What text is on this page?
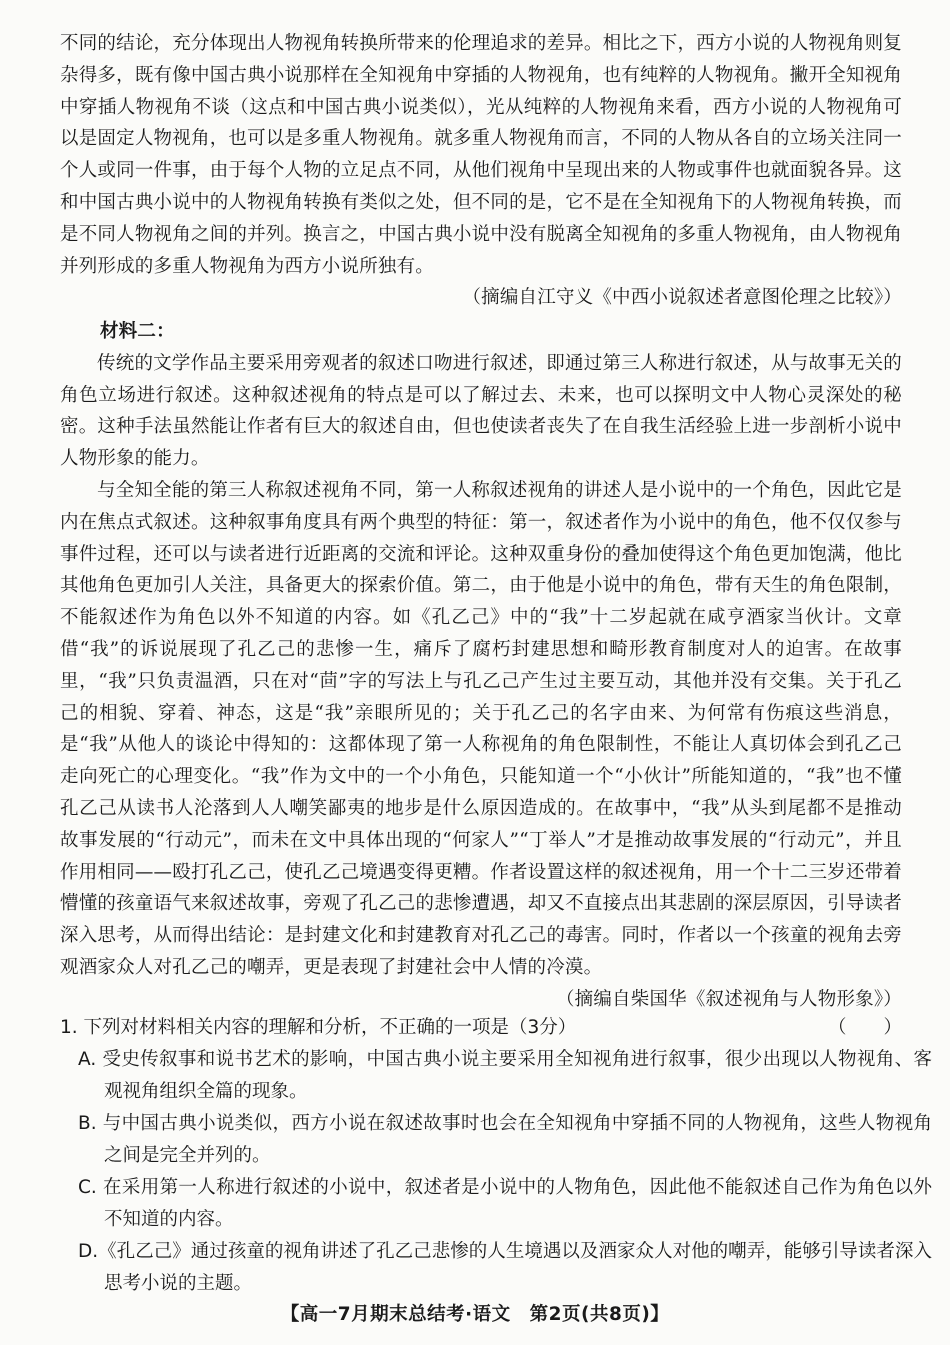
不同的结论，充分体现出人物视角转换所带来的伦理追求的差异。相比之下，西方小说的人物视角则复杂得多，既有像中国古典小说那样在全知视角中穿插的人物视角，也有纯粹的人物视角。撇开全知视角中穿插人物视角不谈（这点和中国古典小说类似），光从纯粹的人物视角来看，西方小说的人物视角可以是固定人物视角，也可以是多重人物视角。就多重人物视角而言，不同的人物从各自的立场关注同一个人或同一件事，由于每个人物的立足点不同，从他们视角中呈现出来的人物或事件也就面貌各异。这和中国古典小说中的人物视角转换有类似之处，但不同的是，它不是在全知视角下的人物视角转换，而是不同人物视角之间的并列。换言之，中国古典小说中没有脱离全知视角的多重人物视角，由人物视角并列形成的多重人物视角为西方小说所独有。

（摘编自江守义《中西小说叙述者意图伦理之比较》）

材料二：

传统的文学作品主要采用旁观者的叙述口吻进行叙述，即通过第三人称进行叙述，从与故事无关的角色立场进行叙述。这种叙述视角的特点是可以了解过去、未来，也可以探明文中人物心灵深处的秘密。这种手法虽然能让作者有巨大的叙述自由，但也使读者丧失了在自我生活经验上进一步剖析小说中人物形象的能力。

与全知全能的第三人称叙述视角不同，第一人称叙述视角的讲述人是小说中的一个角色，因此它是内在焦点式叙述。这种叙事角度具有两个典型的特征：第一，叙述者作为小说中的角色，他不仅仅参与事件过程，还可以与读者进行近距离的交流和评论。这种双重身份的叠加使得这个角色更加饱满，他比其他角色更加引人关注，具备更大的探索价值。第二，由于他是小说中的角色，带有天生的角色限制，不能叙述作为角色以外不知道的内容。如《孔乙己》中的“我”十二岁起就在咸亨酒家当伙计。文章借“我”的诉说展现了孔乙己的悲惨一生，痛斥了腐朽封建思想和畸形教育制度对人的迫害。在故事里，“我”只负责温酒，只在对“茴”字的写法上与孔乙己产生过主要互动，其他并没有交集。关于孔乙己的相貌、穿着、神态，这是“我”亲眼所见的；关于孔乙己的名字由来、为何常有伤痕这些消息，是“我”从他人的谈论中得知的：这都体现了第一人称视角的角色限制性，不能让人真切体会到孔乙己走向死亡的心理变化。“我”作为文中的一个小角色，只能知道一个“小伙计”所能知道的，“我”也不懂孔乙己从读书人沦落到人人嘲笑鄙夷的地步是什么原因造成的。在故事中，“我”从头到尾都不是推动故事发展的“行动元”，而未在文中具体出现的“何家人”“丁举人”才是推动故事发展的“行动元”，并且作用相同——殴打孔乙己，使孔乙己境遇变得更糟。作者设置这样的叙述视角，用一个十二三岁还带着懵懂的孩童语气来叙述故事，旁观了孔乙己的悲惨遭遇，却又不直接点出其悲剧的深层原因，引导读者深入思考，从而得出结论：是封建文化和封建教育对孔乙己的毒害。同时，作者以一个孩童的视角去旁观酒家众人对孔乙己的嘲弄，更是表现了封建社会中人情的冷漠。

（摘编自柴国华《叙述视角与人物形象》）

1. 下列对材料相关内容的理解和分析，不正确的一项是（3分）	（　　）
A. 受史传叙事和说书艺术的影响，中国古典小说主要采用全知视角进行叙事，很少出现以人物视角、客观视角组织全篇的现象。
B. 与中国古典小说类似，西方小说在叙述故事时也会在全知视角中穿插不同的人物视角，这些人物视角之间是完全并列的。
C. 在采用第一人称进行叙述的小说中，叙述者是小说中的人物角色，因此他不能叙述自己作为角色以外不知道的内容。
D.《孔乙己》通过孩童的视角讲述了孔乙己悲惨的人生境遇以及酒家众人对他的嘲弄，能够引导读者深入思考小说的主题。
【高一7月期末总结考·语文　第2页(共8页)】
